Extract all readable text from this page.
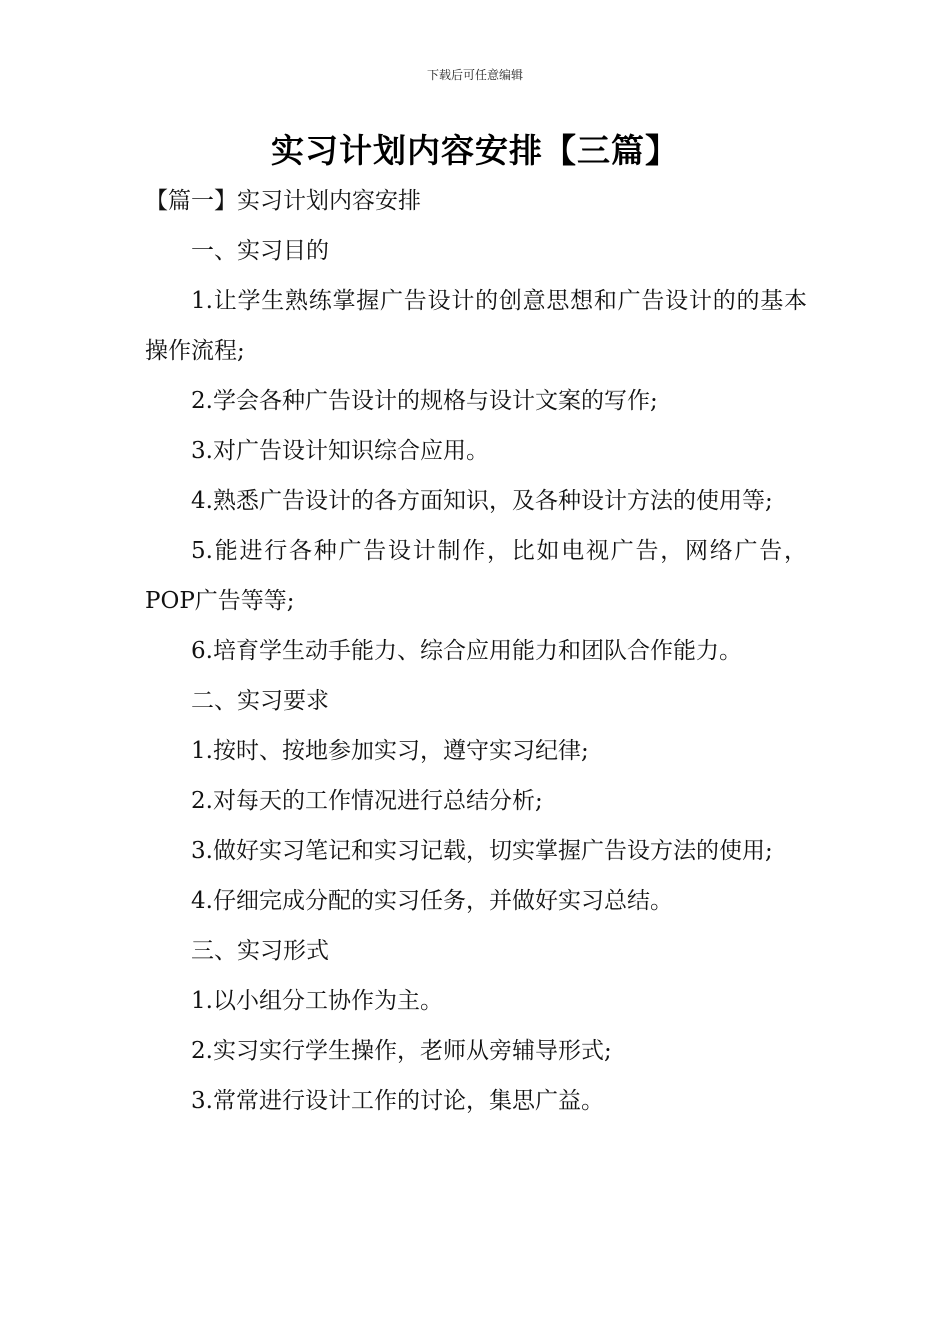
下载后可任意编辑
实习计划内容安排【三篇】

【篇一】实习计划内容安排

一、实习目的

1.让学生熟练掌握广告设计的创意思想和广告设计的的基本操作流程;

2.学会各种广告设计的规格与设计文案的写作;

3.对广告设计知识综合应用。

4.熟悉广告设计的各方面知识，及各种设计方法的使用等;

5.能进行各种广告设计制作，比如电视广告，网络广告，POP广告等等;

6.培育学生动手能力、综合应用能力和团队合作能力。

二、实习要求

1.按时、按地参加实习，遵守实习纪律;

2.对每天的工作情况进行总结分析;

3.做好实习笔记和实习记载，切实掌握广告设方法的使用;

4.仔细完成分配的实习任务，并做好实习总结。

三、实习形式

1.以小组分工协作为主。

2.实习实行学生操作，老师从旁辅导形式;

3.常常进行设计工作的讨论，集思广益。
